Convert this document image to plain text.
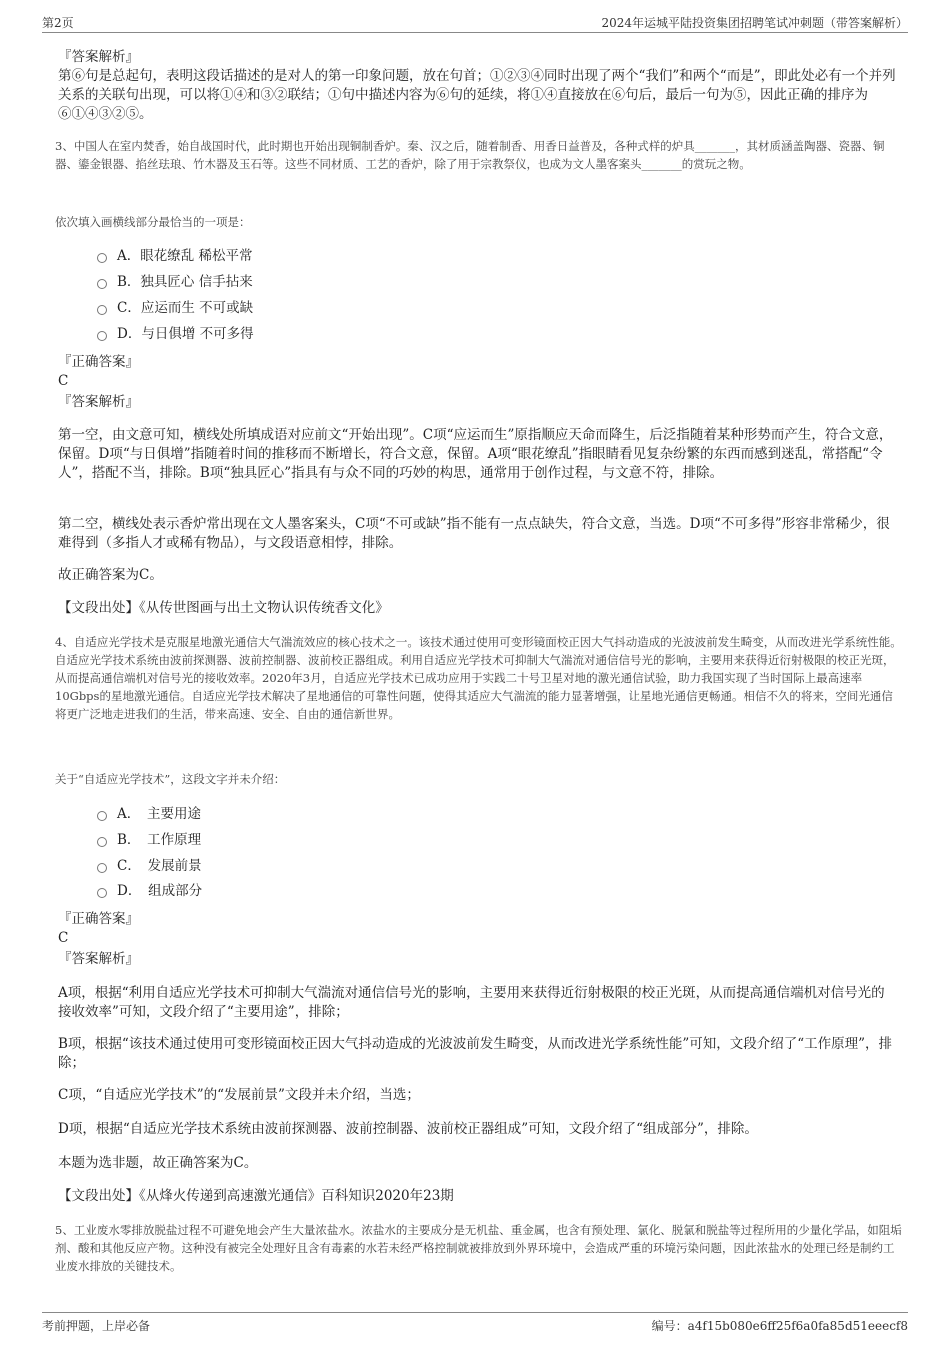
第2页	2024年运城平陆投资集团招聘笔试冲刺题（带答案解析）
『答案解析』

第⑥句是总起句，表明这段话描述的是对人的第一印象问题，放在句首；①②③④同时出现了两个“我们”和两个“而是”，即此处必有一个并列关系的关联句出现，可以将①④和③②联结；①句中描述内容为⑥句的延续，将①④直接放在⑥句后，最后一句为⑤，因此正确的排序为⑥①④③②⑤。

3、中国人在室内焚香，始自战国时代，此时期也开始出现铜制香炉。秦、汉之后，随着制香、用香日益普及，各种式样的炉具_______，其材质涵盖陶器、瓷器、铜器、鎏金银器、掐丝珐琅、竹木器及玉石等。这些不同材质、工艺的香炉，除了用于宗教祭仪，也成为文人墨客案头_______的赏玩之物。

依次填入画横线部分最恰当的一项是：
A．眼花缭乱 稀松平常
B．独具匠心 信手拈来
C．应运而生 不可或缺
D．与日俱增 不可多得
『正确答案』
C
『答案解析』

第一空，由文意可知，横线处所填成语对应前文“开始出现”。C项“应运而生”原指顺应天命而降生，后泛指随着某种形势而产生，符合文意，保留。D项“与日俱增”指随着时间的推移而不断增长，符合文意，保留。A项“眼花缭乱”指眼睛看见复杂纷繁的东西而感到迷乱，常搭配“令人”，搭配不当，排除。B项“独具匠心”指具有与众不同的巧妙的构思，通常用于创作过程，与文意不符，排除。

第二空，横线处表示香炉常出现在文人墨客案头，C项“不可或缺”指不能有一点点缺失，符合文意，当选。D项“不可多得”形容非常稀少，很难得到（多指人才或稀有物品），与文段语意相悖，排除。

故正确答案为C。
【文段出处】《从传世图画与出土文物认识传统香文化》

4、自适应光学技术是克服星地激光通信大气湍流效应的核心技术之一。该技术通过使用可变形镜面校正因大气抖动造成的光波波前发生畸变，从而改进光学系统性能。自适应光学技术系统由波前探测器、波前控制器、波前校正器组成。利用自适应光学技术可抑制大气湍流对通信信号光的影响，主要用来获得近衍射极限的校正光斑，从而提高通信端机对信号光的接收效率。2020年3月，自适应光学技术已成功应用于实践二十号卫星对地的激光通信试验，助力我国实现了当时国际上最高速率10Gbps的星地激光通信。自适应光学技术解决了星地通信的可靠性问题，使得其适应大气湍流的能力显著增强，让星地光通信更畅通。相信不久的将来，空间光通信将更广泛地走进我们的生活，带来高速、安全、自由的通信新世界。

关于“自适应光学技术”，这段文字并未介绍：
A．　主要用途
B．　工作原理
C．　发展前景
D．　组成部分
『正确答案』
C
『答案解析』

A项，根据“利用自适应光学技术可抑制大气湍流对通信信号光的影响，主要用来获得近衍射极限的校正光斑，从而提高通信端机对信号光的接收效率”可知，文段介绍了“主要用途”，排除；

B项，根据“该技术通过使用可变形镜面校正因大气抖动造成的光波波前发生畸变，从而改进光学系统性能”可知，文段介绍了“工作原理”，排除；

C项，“自适应光学技术”的“发展前景”文段并未介绍，当选；
D项，根据“自适应光学技术系统由波前探测器、波前控制器、波前校正器组成”可知，文段介绍了“组成部分”，排除。
本题为选非题，故正确答案为C。
【文段出处】《从烽火传递到高速激光通信》百科知识2020年23期

5、工业废水零排放脱盐过程不可避免地会产生大量浓盐水。浓盐水的主要成分是无机盐、重金属，也含有预处理、氯化、脱氯和脱盐等过程所用的少量化学品，如阻垢剂、酸和其他反应产物。这种没有被完全处理好且含有毒素的水若未经严格控制就被排放到外界环境中，会造成严重的环境污染问题，因此浓盐水的处理已经是制约工业废水排放的关键技术。

考前押题，上岸必备	编号：a4f15b080e6ff25f6a0fa85d51eeecf8
